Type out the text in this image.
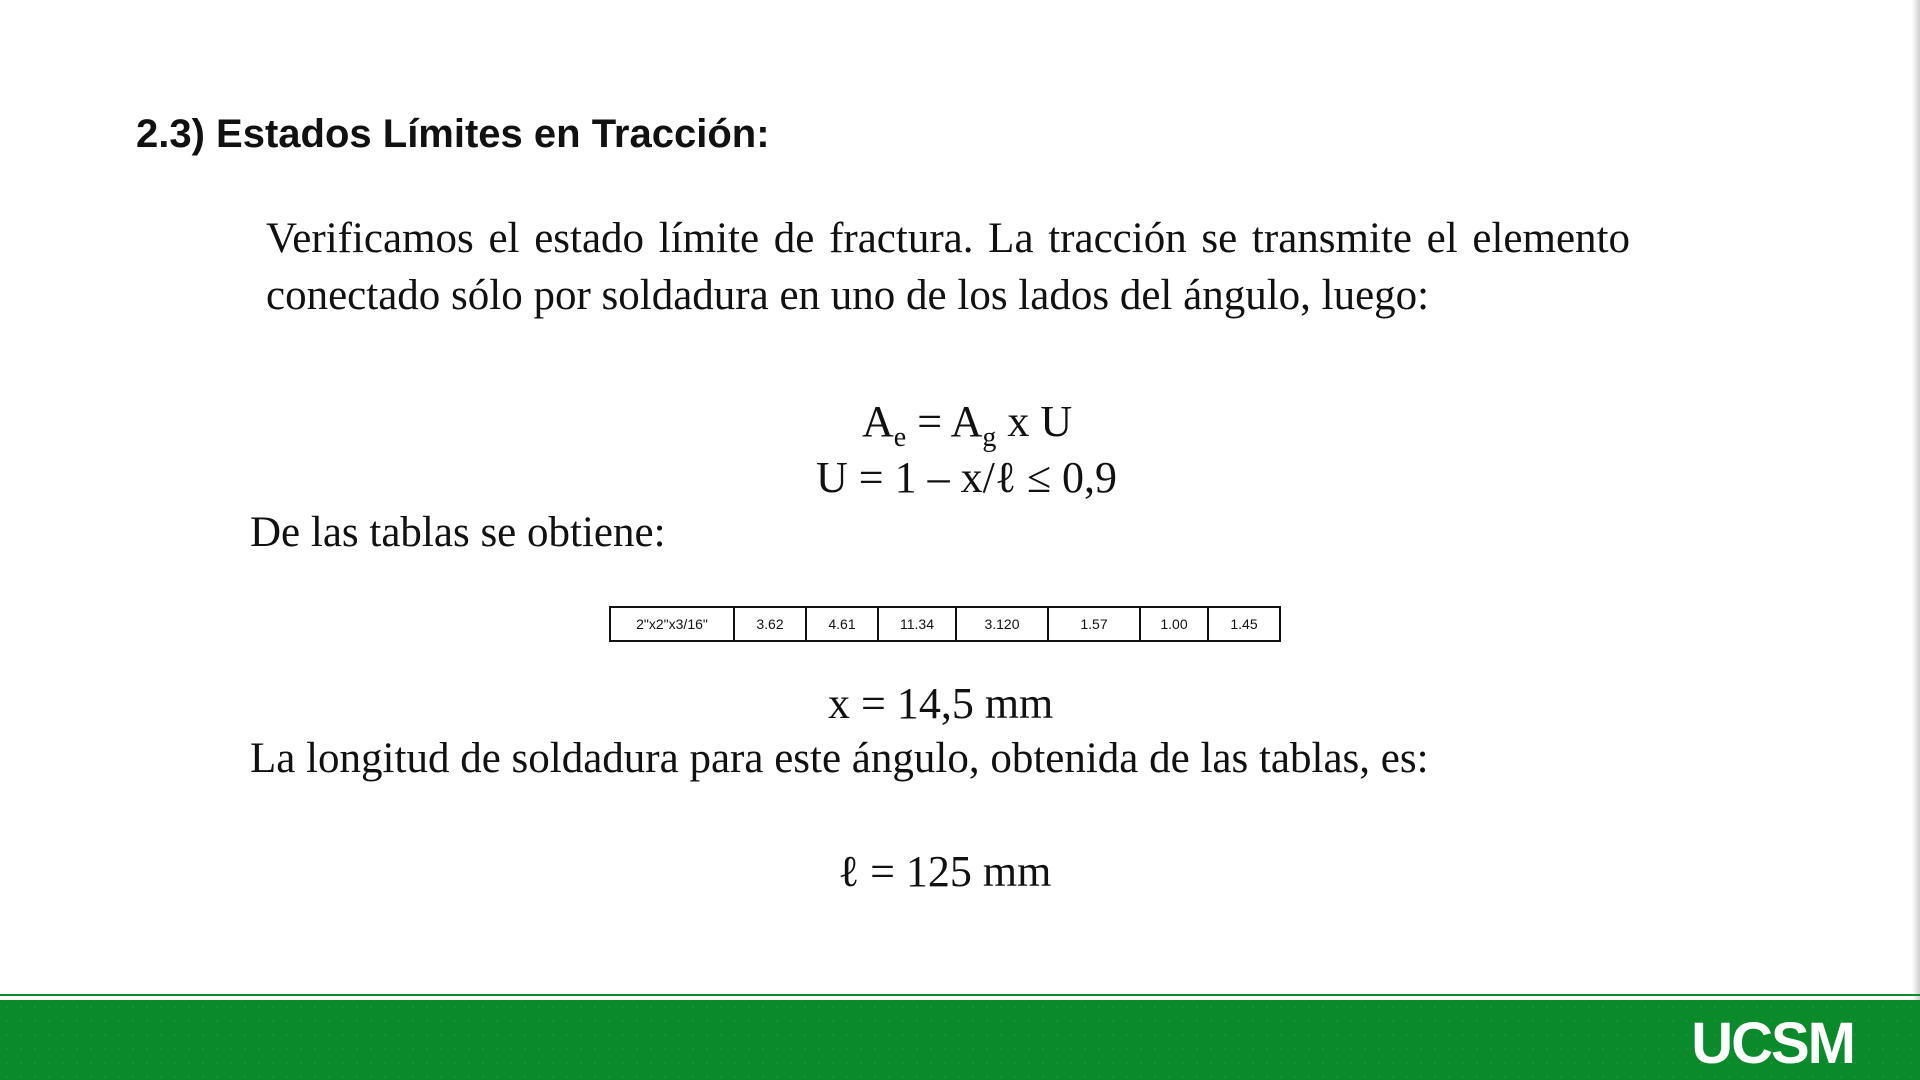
2.3) Estados Límites en Tracción:

Verificamos el estado límite de fractura. La tracción se transmite el elemento conectado sólo por soldadura en uno de los lados del ángulo, luego:

$A_e = A_g$ x U

U = 1 – x/ℓ ≤ 0,9

De las tablas se obtiene:

2"x2"x3/16"	3.62	4.61	11.34	3.120	1.57	1.00	1.45

x = 14,5 mm

La longitud de soldadura para este ángulo, obtenida de las tablas, es:

ℓ = 125 mm

UCSM
